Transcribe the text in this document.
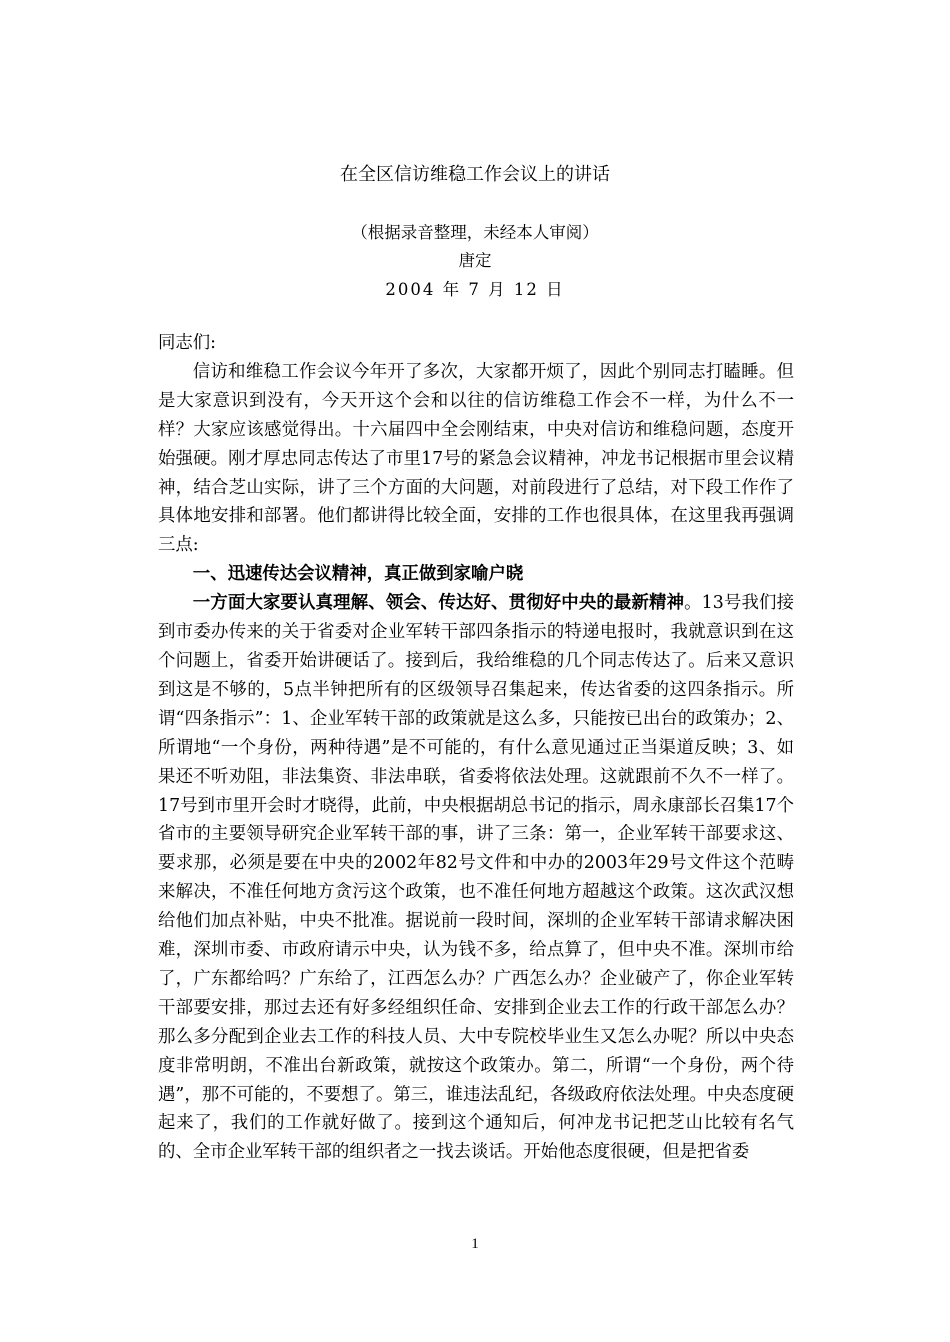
在全区信访维稳工作会议上的讲话
（根据录音整理，未经本人审阅）
唐定
2004 年 7 月 12 日

同志们:

信访和维稳工作会议今年开了多次，大家都开烦了，因此个别同志打瞌睡。但是大家意识到没有，今天开这个会和以往的信访维稳工作会不一样，为什么不一样？大家应该感觉得出。十六届四中全会刚结束，中央对信访和维稳问题，态度开始强硬。刚才厚忠同志传达了市里17号的紧急会议精神，冲龙书记根据市里会议精神，结合芝山实际，讲了三个方面的大问题，对前段进行了总结，对下段工作作了具体地安排和部署。他们都讲得比较全面，安排的工作也很具体，在这里我再强调三点:

一、迅速传达会议精神，真正做到家喻户晓

一方面大家要认真理解、领会、传达好、贯彻好中央的最新精神。13号我们接到市委办传来的关于省委对企业军转干部四条指示的特递电报时，我就意识到在这个问题上，省委开始讲硬话了。接到后，我给维稳的几个同志传达了。后来又意识到这是不够的，5点半钟把所有的区级领导召集起来，传达省委的这四条指示。所谓“四条指示”：1、企业军转干部的政策就是这么多，只能按已出台的政策办；2、所谓地“一个身份，两种待遇”是不可能的，有什么意见通过正当渠道反映；3、如果还不听劝阻，非法集资、非法串联，省委将依法处理。这就跟前不久不一样了。17号到市里开会时才晓得，此前，中央根据胡总书记的指示，周永康部长召集17个省市的主要领导研究企业军转干部的事，讲了三条：第一，企业军转干部要求这、要求那，必须是要在中央的2002年82号文件和中办的2003年29号文件这个范畴来解决，不准任何地方贪污这个政策，也不准任何地方超越这个政策。这次武汉想给他们加点补贴，中央不批准。据说前一段时间，深圳的企业军转干部请求解决困难，深圳市委、市政府请示中央，认为钱不多，给点算了，但中央不准。深圳市给了，广东都给吗？广东给了，江西怎么办？广西怎么办？企业破产了，你企业军转干部要安排，那过去还有好多经组织任命、安排到企业去工作的行政干部怎么办？那么多分配到企业去工作的科技人员、大中专院校毕业生又怎么办呢？所以中央态度非常明朗，不准出台新政策，就按这个政策办。第二，所谓“一个身份，两个待遇”，那不可能的，不要想了。第三，谁违法乱纪，各级政府依法处理。中央态度硬起来了，我们的工作就好做了。接到这个通知后，何冲龙书记把芝山比较有名气的、全市企业军转干部的组织者之一找去谈话。开始他态度很硬，但是把省委

1
